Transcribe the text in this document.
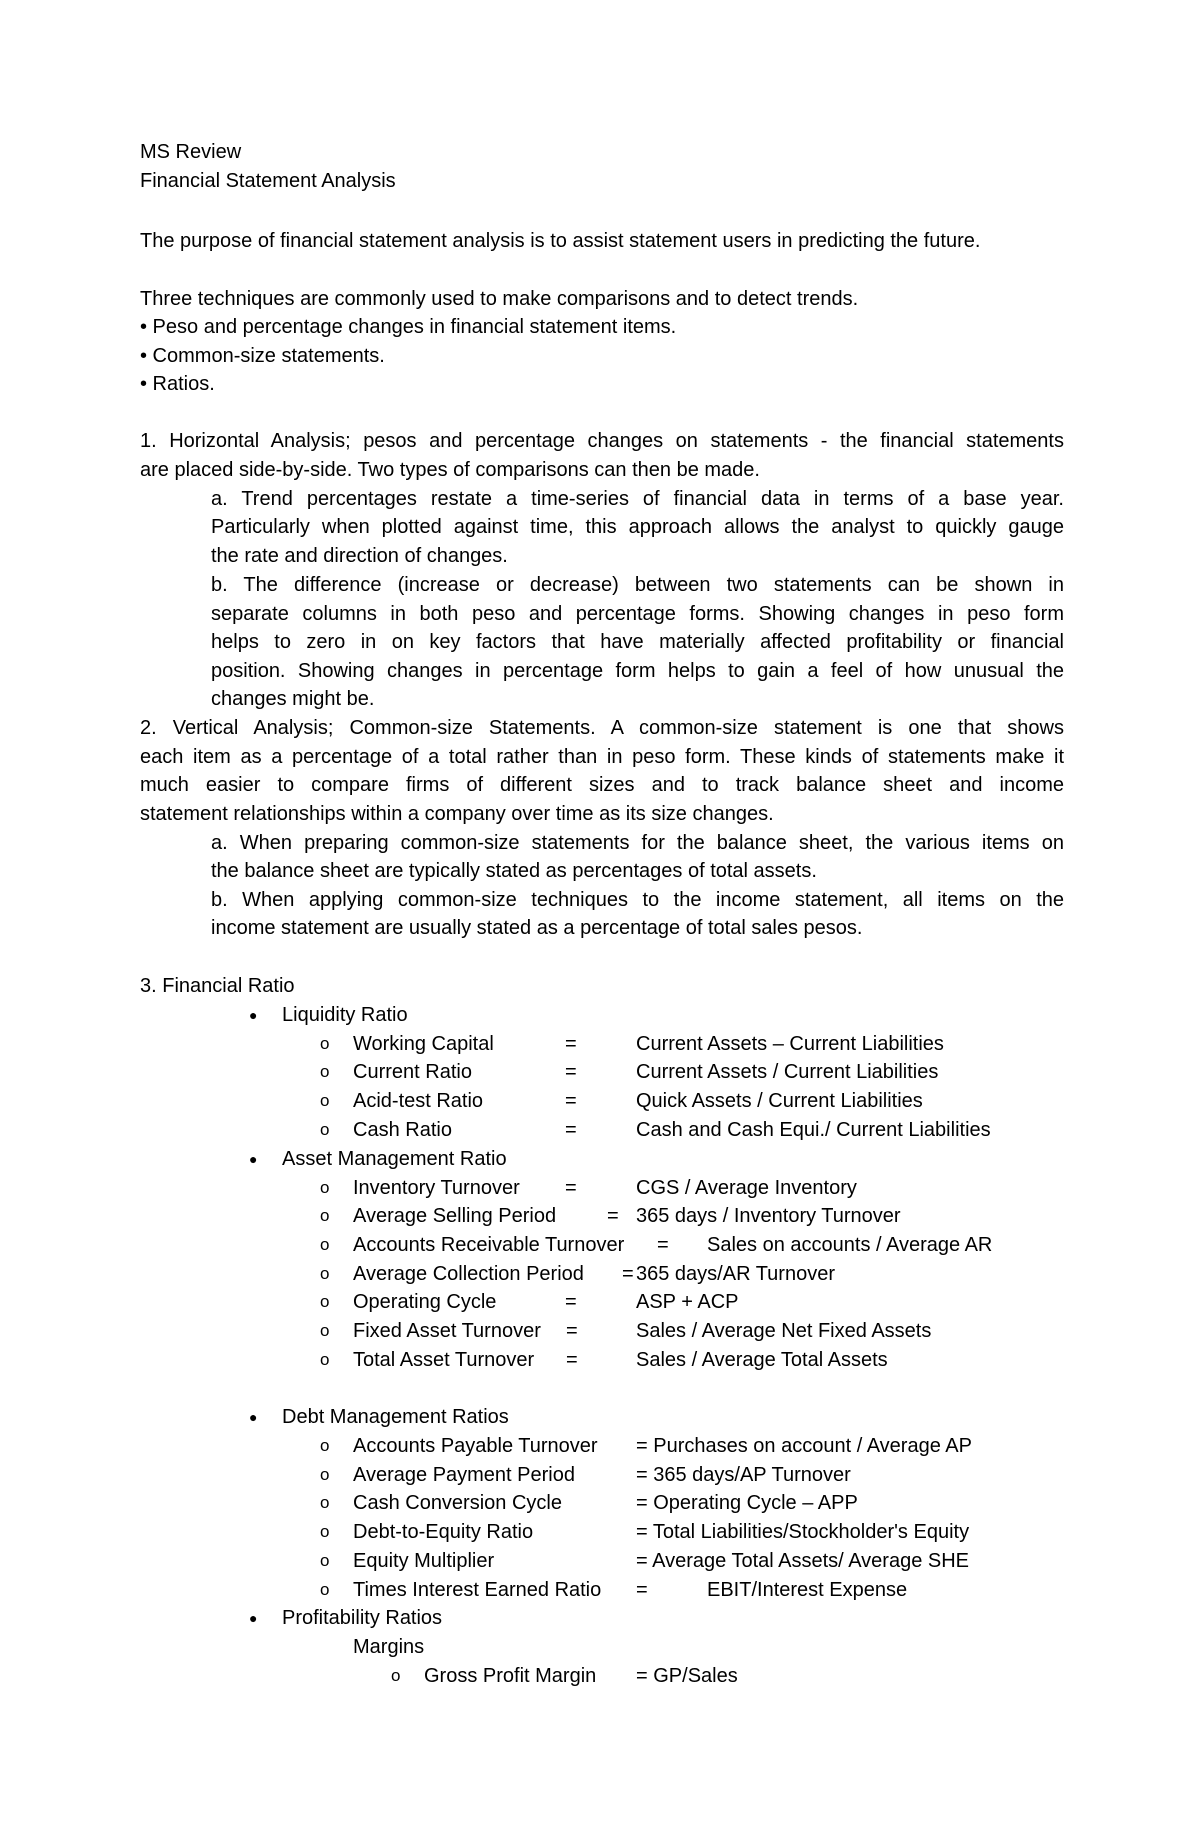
MS Review
Financial Statement Analysis
The purpose of financial statement analysis is to assist statement users in predicting the future.
Three techniques are commonly used to make comparisons and to detect trends.
• Peso and percentage changes in financial statement items.
• Common-size statements.
• Ratios.
1. Horizontal Analysis; pesos and percentage changes on statements - the financial statements
are placed side-by-side. Two types of comparisons can then be made.
a. Trend percentages restate a time-series of financial data in terms of a base year.
Particularly when plotted against time, this approach allows the analyst to quickly gauge
the rate and direction of changes.
b. The difference (increase or decrease) between two statements can be shown in
separate columns in both peso and percentage forms. Showing changes in peso form
helps to zero in on key factors that have materially affected profitability or financial
position. Showing changes in percentage form helps to gain a feel of how unusual the
changes might be.
2. Vertical Analysis; Common-size Statements. A common-size statement is one that shows
each item as a percentage of a total rather than in peso form. These kinds of statements make it
much easier to compare firms of different sizes and to track balance sheet and income
statement relationships within a company over time as its size changes.
a. When preparing common-size statements for the balance sheet, the various items on
the balance sheet are typically stated as percentages of total assets.
b. When applying common-size techniques to the income statement, all items on the
income statement are usually stated as a percentage of total sales pesos.
3. Financial Ratio
● Liquidity Ratio
o Working Capital	=	Current Assets – Current Liabilities
o Current Ratio	=	Current Assets / Current Liabilities
o Acid-test Ratio	=	Quick Assets / Current Liabilities
o Cash Ratio	=	Cash and Cash Equi./ Current Liabilities
● Asset Management Ratio
o Inventory Turnover =	CGS / Average Inventory
o Average Selling Period	= 365 days / Inventory Turnover
o Accounts Receivable Turnover = Sales on accounts / Average AR
o Average Collection Period = 365 days/AR Turnover
o Operating Cycle	=	ASP + ACP
o Fixed Asset Turnover =	Sales / Average Net Fixed Assets
o Total Asset Turnover =	Sales / Average Total Assets
● Debt Management Ratios
o Accounts Payable Turnover = Purchases on account / Average AP
o Average Payment Period	= 365 days/AP Turnover
o Cash Conversion Cycle	= Operating Cycle – APP
o Debt-to-Equity Ratio	= Total Liabilities/Stockholder's Equity
o Equity Multiplier	= Average Total Assets/ Average SHE
o Times Interest Earned Ratio =	EBIT/Interest Expense
● Profitability Ratios
Margins
o Gross Profit Margin = GP/Sales
